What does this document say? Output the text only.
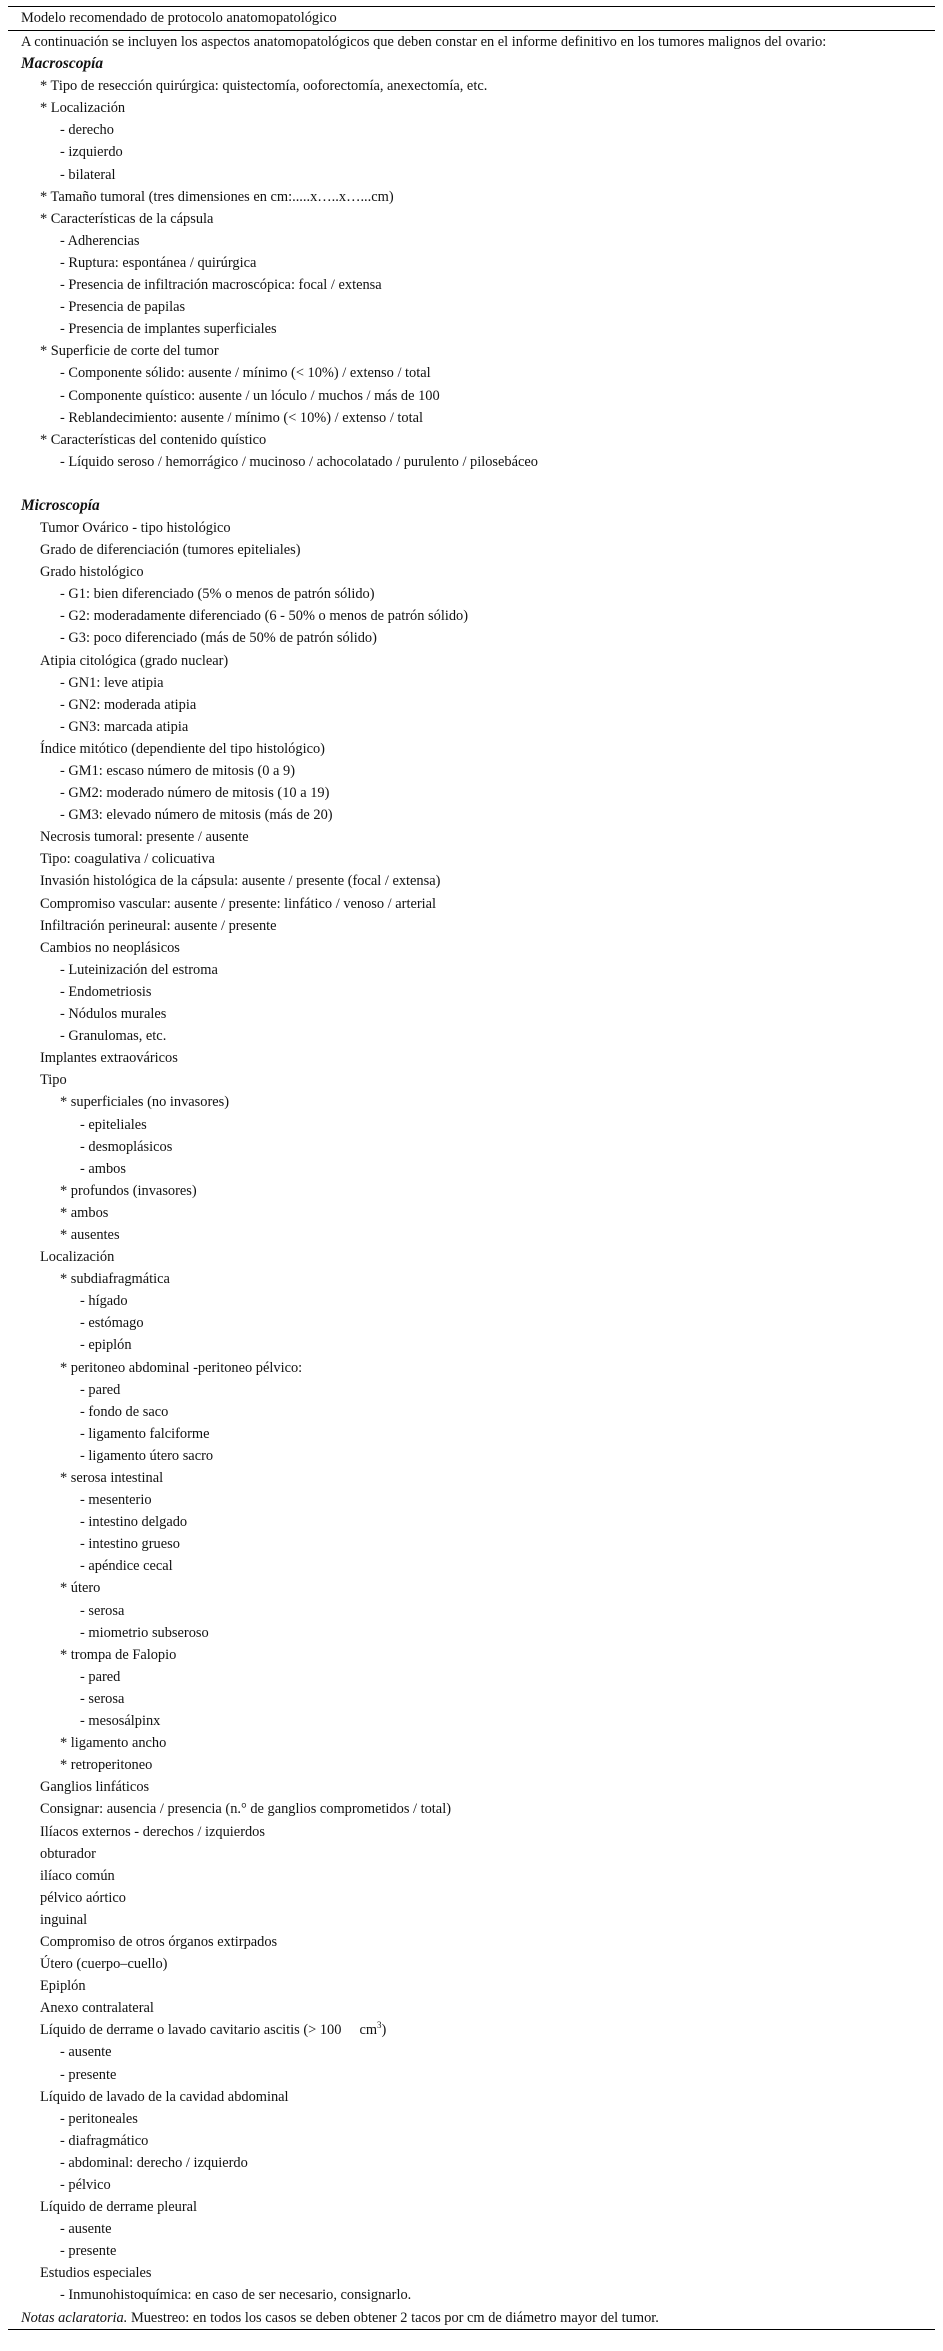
Modelo recomendado de protocolo anatomopatológico
A continuación se incluyen los aspectos anatomopatológicos que deben constar en el informe definitivo en los tumores malignos del ovario:
Macroscopía
* Tipo de resección quirúrgica: quistectomía, ooforectomía, anexectomía, etc.
* Localización
- derecho
- izquierdo
- bilateral
* Tamaño tumoral (tres dimensiones en cm:.....x…..x…...cm)
* Características de la cápsula
- Adherencias
- Ruptura: espontánea / quirúrgica
- Presencia de infiltración macroscópica: focal / extensa
- Presencia de papilas
- Presencia de implantes superficiales
* Superficie de corte del tumor
- Componente sólido: ausente / mínimo (< 10%) / extenso / total
- Componente quístico: ausente / un lóculo / muchos / más de 100
- Reblandecimiento: ausente / mínimo (< 10%) / extenso / total
* Características del contenido quístico
- Líquido seroso / hemorrágico / mucinoso / achocolatado / purulento / pilosebáceo
Microscopía
Tumor Ovárico - tipo histológico
Grado de diferenciación (tumores epiteliales)
Grado histológico
- G1: bien diferenciado (5% o menos de patrón sólido)
- G2: moderadamente diferenciado (6 - 50% o menos de patrón sólido)
- G3: poco diferenciado (más de 50% de patrón sólido)
Atipia citológica (grado nuclear)
- GN1: leve atipia
- GN2: moderada atipia
- GN3: marcada atipia
Índice mitótico (dependiente del tipo histológico)
- GM1: escaso número de mitosis (0 a 9)
- GM2: moderado número de mitosis (10 a 19)
- GM3: elevado número de mitosis (más de 20)
Necrosis tumoral: presente / ausente
Tipo: coagulativa / colicuativa
Invasión histológica de la cápsula: ausente / presente (focal / extensa)
Compromiso vascular: ausente / presente: linfático / venoso / arterial
Infiltración perineural: ausente / presente
Cambios no neoplásicos
- Luteinización del estroma
- Endometriosis
- Nódulos murales
- Granulomas, etc.
Implantes extraováricos
Tipo
* superficiales (no invasores)
- epiteliales
- desmoplásicos
- ambos
* profundos (invasores)
* ambos
* ausentes
Localización
* subdiafragmática
- hígado
- estómago
- epiplón
* peritoneo abdominal -peritoneo pélvico:
- pared
- fondo de saco
- ligamento falciforme
- ligamento útero sacro
* serosa intestinal
- mesenterio
- intestino delgado
- intestino grueso
- apéndice cecal
* útero
- serosa
- miometrio subseroso
* trompa de Falopio
- pared
- serosa
- mesosálpinx
* ligamento ancho
* retroperitoneo
Ganglios linfáticos
Consignar: ausencia / presencia (n.° de ganglios comprometidos / total)
Ilíacos externos - derechos / izquierdos
obturador
ilíaco común
pélvico aórtico
inguinal
Compromiso de otros órganos extirpados
Útero (cuerpo–cuello)
Epiplón
Anexo contralateral
Líquido de derrame o lavado cavitario ascitis (> 100 $cm^3$)
- ausente
- presente
Líquido de lavado de la cavidad abdominal
- peritoneales
- diafragmático
- abdominal: derecho / izquierdo
- pélvico
Líquido de derrame pleural
- ausente
- presente
Estudios especiales
- Inmunohistoquímica: en caso de ser necesario, consignarlo.
Notas aclaratoria. Muestreo: en todos los casos se deben obtener 2 tacos por cm de diámetro mayor del tumor.
